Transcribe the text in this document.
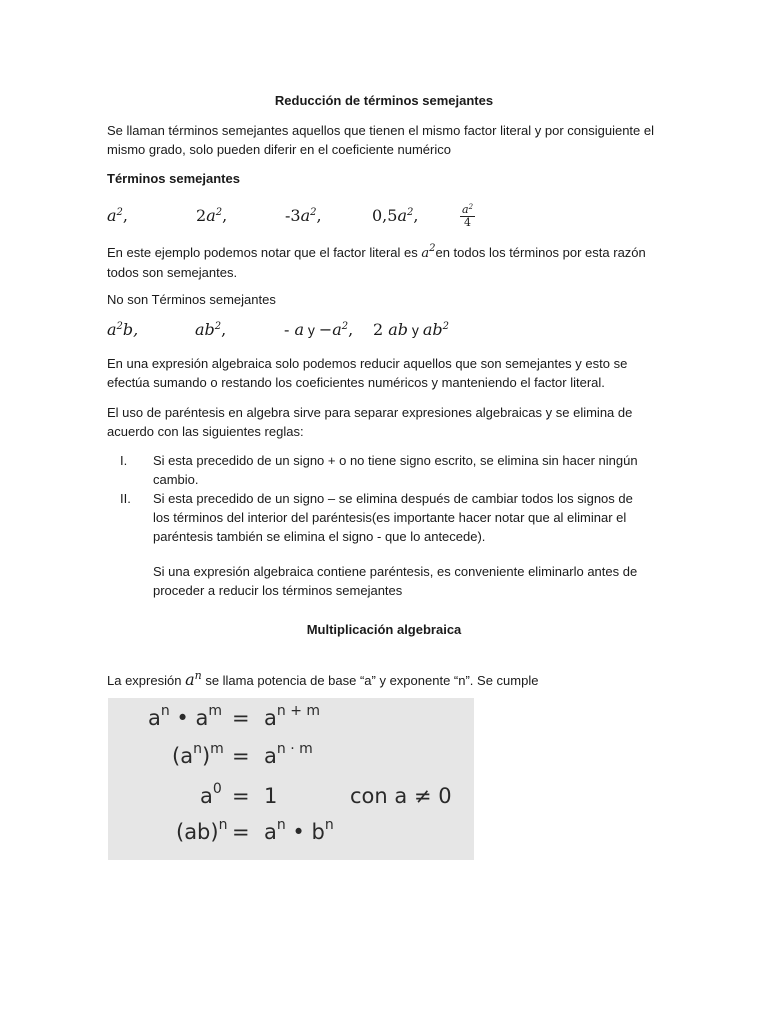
Reducción de términos semejantes
Se llaman términos semejantes aquellos que tienen el mismo factor literal y por consiguiente el mismo grado, solo pueden diferir en el coeficiente numérico
Términos semejantes
$a^2$,	$2a^2$,	$-3a^2$,	$0,5a^2$,	$\frac{a^2}{4}$
En este ejemplo podemos notar que el factor literal es $a^2en$ todos los términos por esta razón todos son semejantes.
No son Términos semejantes
$a^2b$,	$ab^2$,	- a $y -a^2$, 2 ab y $ab^2$
En una expresión algebraica solo podemos reducir aquellos que son semejantes y esto se efectúa sumando o restando los coeficientes numéricos y manteniendo el factor literal.
El uso de paréntesis en algebra sirve para separar expresiones algebraicas y se elimina de acuerdo con las siguientes reglas:
I. Si esta precedido de un signo + o no tiene signo escrito, se elimina sin hacer ningún cambio.
II. Si esta precedido de un signo – se elimina después de cambiar todos los signos de los términos del interior del paréntesis(es importante hacer notar que al eliminar el paréntesis también se elimina el signo - que lo antecede).
Si una expresión algebraica contiene paréntesis, es conveniente eliminarlo antes de proceder a reducir los términos semejantes
Multiplicación algebraica
La expresión $a^n$ se llama potencia de base “a” y exponente “n”. Se cumple
$a^n$ • $a^m = a^{n + m}$
$(a^n)^m = a^{n \cdot m}$
$a^0 = 1$	con a ≠ 0
$(ab)^n = a^n$ • $b^n$
